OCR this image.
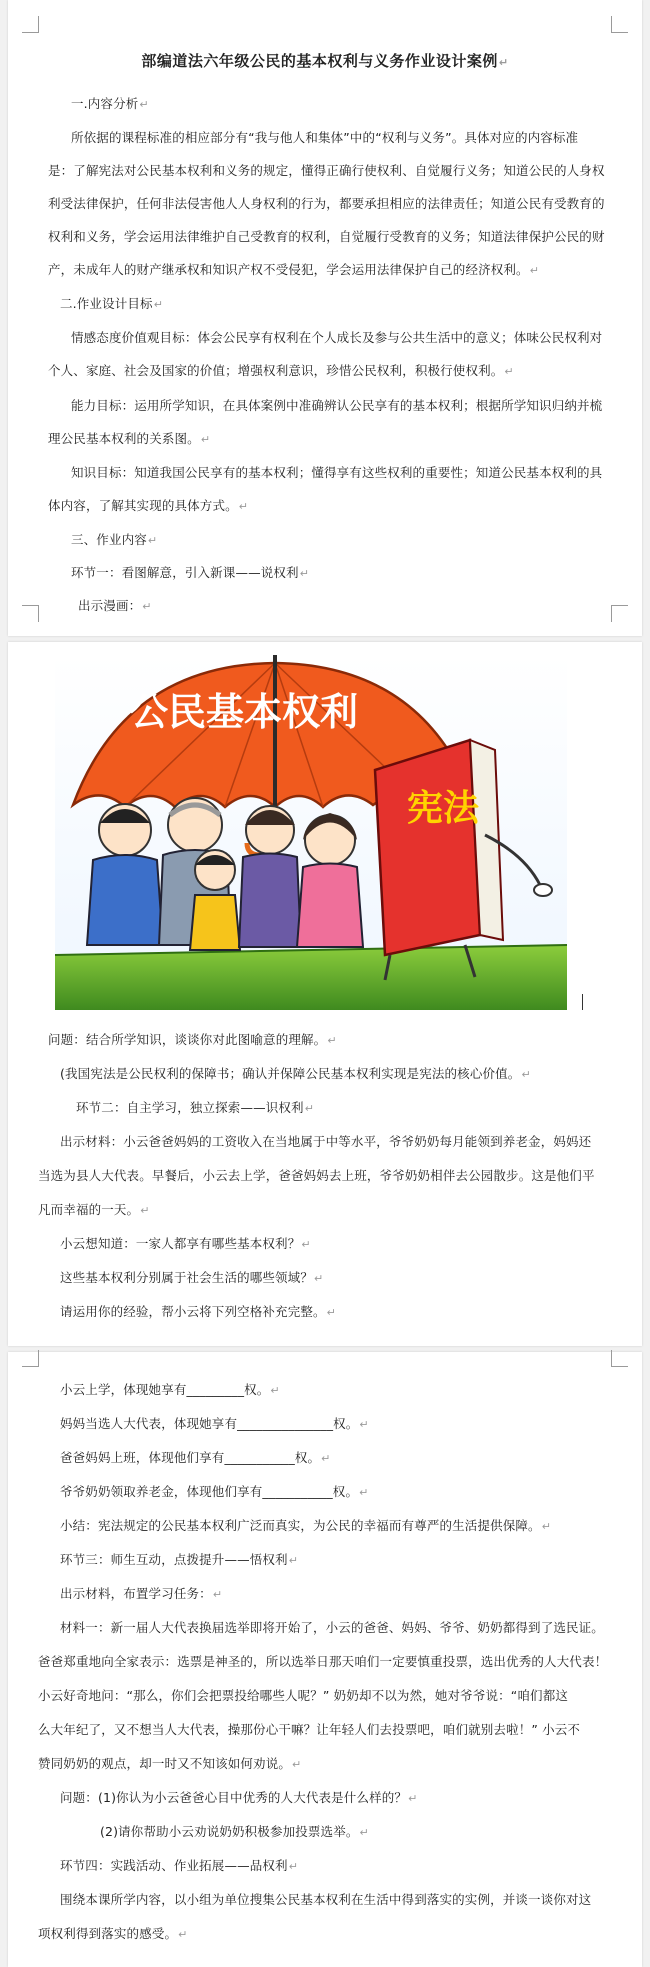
部编道法六年级公民的基本权利与义务作业设计案例↵
一.内容分析↵
所依据的课程标准的相应部分有“我与他人和集体”中的“权利与义务”。具体对应的内容标准
是：了解宪法对公民基本权利和义务的规定，懂得正确行使权利、自觉履行义务；知道公民的人身权
利受法律保护，任何非法侵害他人人身权利的行为，都要承担相应的法律责任；知道公民有受教育的
权利和义务，学会运用法律维护自己受教育的权利，自觉履行受教育的义务；知道法律保护公民的财
产，未成年人的财产继承权和知识产权不受侵犯，学会运用法律保护自己的经济权利。↵
二.作业设计目标↵
情感态度价值观目标：体会公民享有权利在个人成长及参与公共生活中的意义；体味公民权利对
个人、家庭、社会及国家的价值；增强权利意识，珍惜公民权利，积极行使权利。↵
能力目标：运用所学知识，在具体案例中准确辨认公民享有的基本权利；根据所学知识归纳并梳
理公民基本权利的关系图。↵
知识目标：知道我国公民享有的基本权利；懂得享有这些权利的重要性；知道公民基本权利的具
体内容，了解其实现的具体方式。↵
三、作业内容↵
环节一：看图解意，引入新课——说权利↵
出示漫画：↵
问题：结合所学知识，谈谈你对此图喻意的理解。↵
(我国宪法是公民权利的保障书；确认并保障公民基本权利实现是宪法的核心价值。↵
环节二：自主学习，独立探索——识权利↵
出示材料：小云爸爸妈妈的工资收入在当地属于中等水平，爷爷奶奶每月能领到养老金，妈妈还
当选为县人大代表。早餐后，小云去上学，爸爸妈妈去上班，爷爷奶奶相伴去公园散步。这是他们平
凡而幸福的一天。↵
小云想知道：一家人都享有哪些基本权利？↵
这些基本权利分别属于社会生活的哪些领域？↵
请运用你的经验，帮小云将下列空格补充完整。↵
公民基本权利
宪法
小云上学，体现她享有_________权。↵
妈妈当选人大代表，体现她享有_______________权。↵
爸爸妈妈上班，体现他们享有___________权。↵
爷爷奶奶领取养老金，体现他们享有___________权。↵
小结：宪法规定的公民基本权利广泛而真实，为公民的幸福而有尊严的生活提供保障。↵
环节三：师生互动，点拨提升——悟权利↵
出示材料，布置学习任务：↵
材料一：新一届人大代表换届选举即将开始了，小云的爸爸、妈妈、爷爷、奶奶都得到了选民证。
爸爸郑重地向全家表示：选票是神圣的，所以选举日那天咱们一定要慎重投票，选出优秀的人大代表！
小云好奇地问：“那么，你们会把票投给哪些人呢？” 奶奶却不以为然，她对爷爷说：“咱们都这
么大年纪了，又不想当人大代表，操那份心干嘛？让年轻人们去投票吧，咱们就别去啦！” 小云不
赞同奶奶的观点，却一时又不知该如何劝说。↵
问题：(1)你认为小云爸爸心目中优秀的人大代表是什么样的？↵
(2)请你帮助小云劝说奶奶积极参加投票选举。↵
环节四：实践活动、作业拓展——品权利↵
围绕本课所学内容，以小组为单位搜集公民基本权利在生活中得到落实的实例，并谈一谈你对这
项权利得到落实的感受。↵
